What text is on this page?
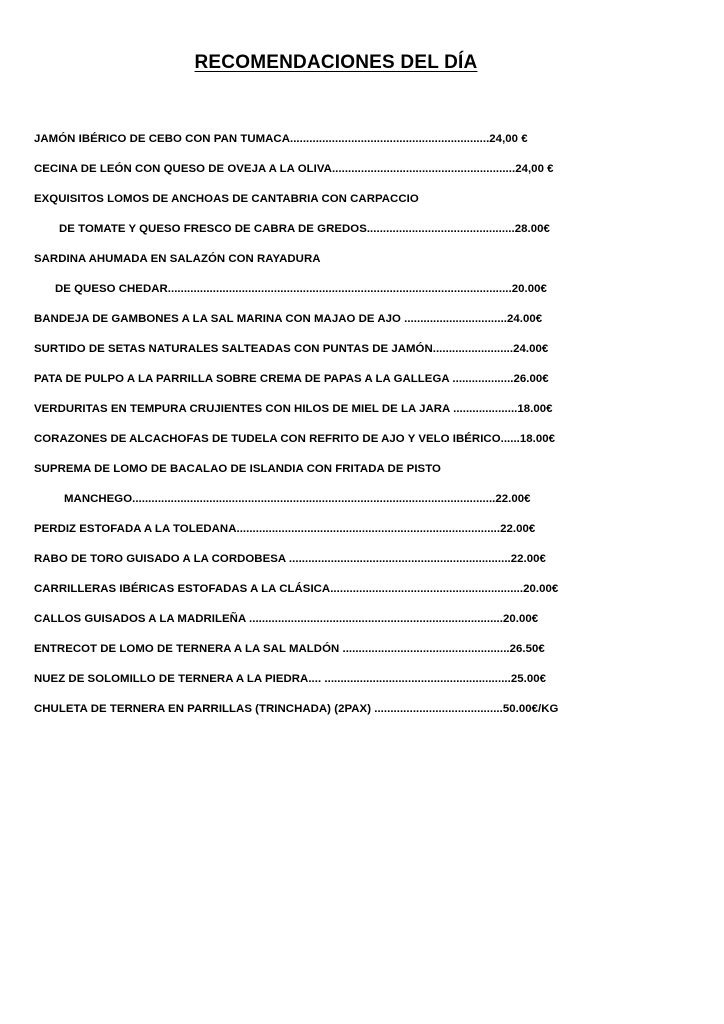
RECOMENDACIONES DEL DÍA
JAMÓN IBÉRICO DE CEBO CON PAN TUMACA..............................................................24,00 €
CECINA DE LEÓN CON QUESO DE OVEJA A LA OLIVA.........................................................24,00 €
EXQUISITOS LOMOS DE ANCHOAS DE CANTABRIA CON CARPACCIO
DE TOMATE Y QUESO FRESCO DE CABRA DE GREDOS..............................................28.00€
SARDINA AHUMADA EN SALAZÓN CON RAYADURA
DE QUESO CHEDAR...........................................................................................................20.00€
BANDEJA DE GAMBONES A LA SAL MARINA CON MAJAO DE AJO ................................24.00€
SURTIDO DE SETAS NATURALES SALTEADAS CON PUNTAS DE JAMÓN.........................24.00€
PATA DE PULPO A LA PARRILLA SOBRE CREMA DE PAPAS A LA GALLEGA ...................26.00€
VERDURITAS EN TEMPURA CRUJIENTES CON HILOS DE MIEL DE LA JARA ....................18.00€
CORAZONES DE ALCACHOFAS DE TUDELA CON REFRITO DE AJO Y VELO IBÉRICO......18.00€
SUPREMA DE LOMO DE BACALAO DE ISLANDIA CON FRITADA DE PISTO
MANCHEGO.................................................................................................................22.00€
PERDIZ ESTOFADA A LA TOLEDANA..................................................................................22.00€
RABO DE TORO GUISADO A LA CORDOBESA .....................................................................22.00€
CARRILLERAS IBÉRICAS ESTOFADAS A LA CLÁSICA............................................................20.00€
CALLOS GUISADOS A LA MADRILEÑA ...............................................................................20.00€
ENTRECOT DE LOMO DE TERNERA A LA SAL MALDÓN ....................................................26.50€
NUEZ DE SOLOMILLO DE TERNERA A LA PIEDRA.... ..........................................................25.00€
CHULETA DE TERNERA EN PARRILLAS (TRINCHADA) (2PAX) ........................................50.00€/KG
